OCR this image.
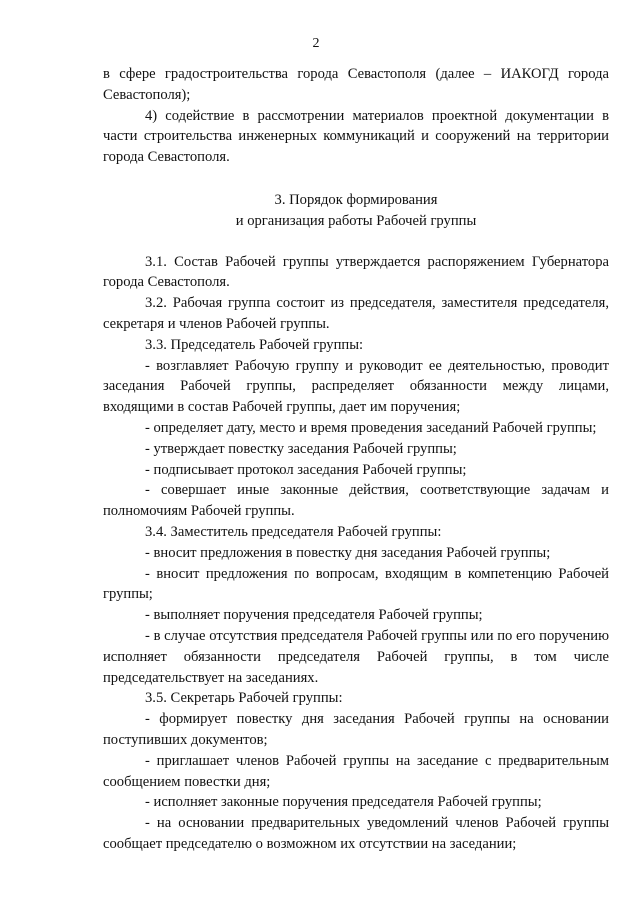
2

в сфере градостроительства города Севастополя (далее – ИАКОГД города Севастополя);

4) содействие в рассмотрении материалов проектной документации в части строительства инженерных коммуникаций и сооружений на территории города Севастополя.

3. Порядок формирования

и организация работы Рабочей группы

3.1. Состав Рабочей группы утверждается распоряжением Губернатора города Севастополя.

3.2. Рабочая группа состоит из председателя, заместителя председателя, секретаря и членов Рабочей группы.

3.3. Председатель Рабочей группы:

- возглавляет Рабочую группу и руководит ее деятельностью, проводит заседания Рабочей группы, распределяет обязанности между лицами, входящими в состав Рабочей группы, дает им поручения;

- определяет дату, место и время проведения заседаний Рабочей группы;

- утверждает повестку заседания Рабочей группы;

- подписывает протокол заседания Рабочей группы;

- совершает иные законные действия, соответствующие задачам и полномочиям Рабочей группы.

3.4. Заместитель председателя Рабочей группы:

- вносит предложения в повестку дня заседания Рабочей группы;

- вносит предложения по вопросам, входящим в компетенцию Рабочей группы;

- выполняет поручения председателя Рабочей группы;

- в случае отсутствия председателя Рабочей группы или по его поручению исполняет обязанности председателя Рабочей группы, в том числе председательствует на заседаниях.

3.5. Секретарь Рабочей группы:

- формирует повестку дня заседания Рабочей группы на основании поступивших документов;

- приглашает членов Рабочей группы на заседание с предварительным сообщением повестки дня;

- исполняет законные поручения председателя Рабочей группы;

- на основании предварительных уведомлений членов Рабочей группы сообщает председателю о возможном их отсутствии на заседании;
